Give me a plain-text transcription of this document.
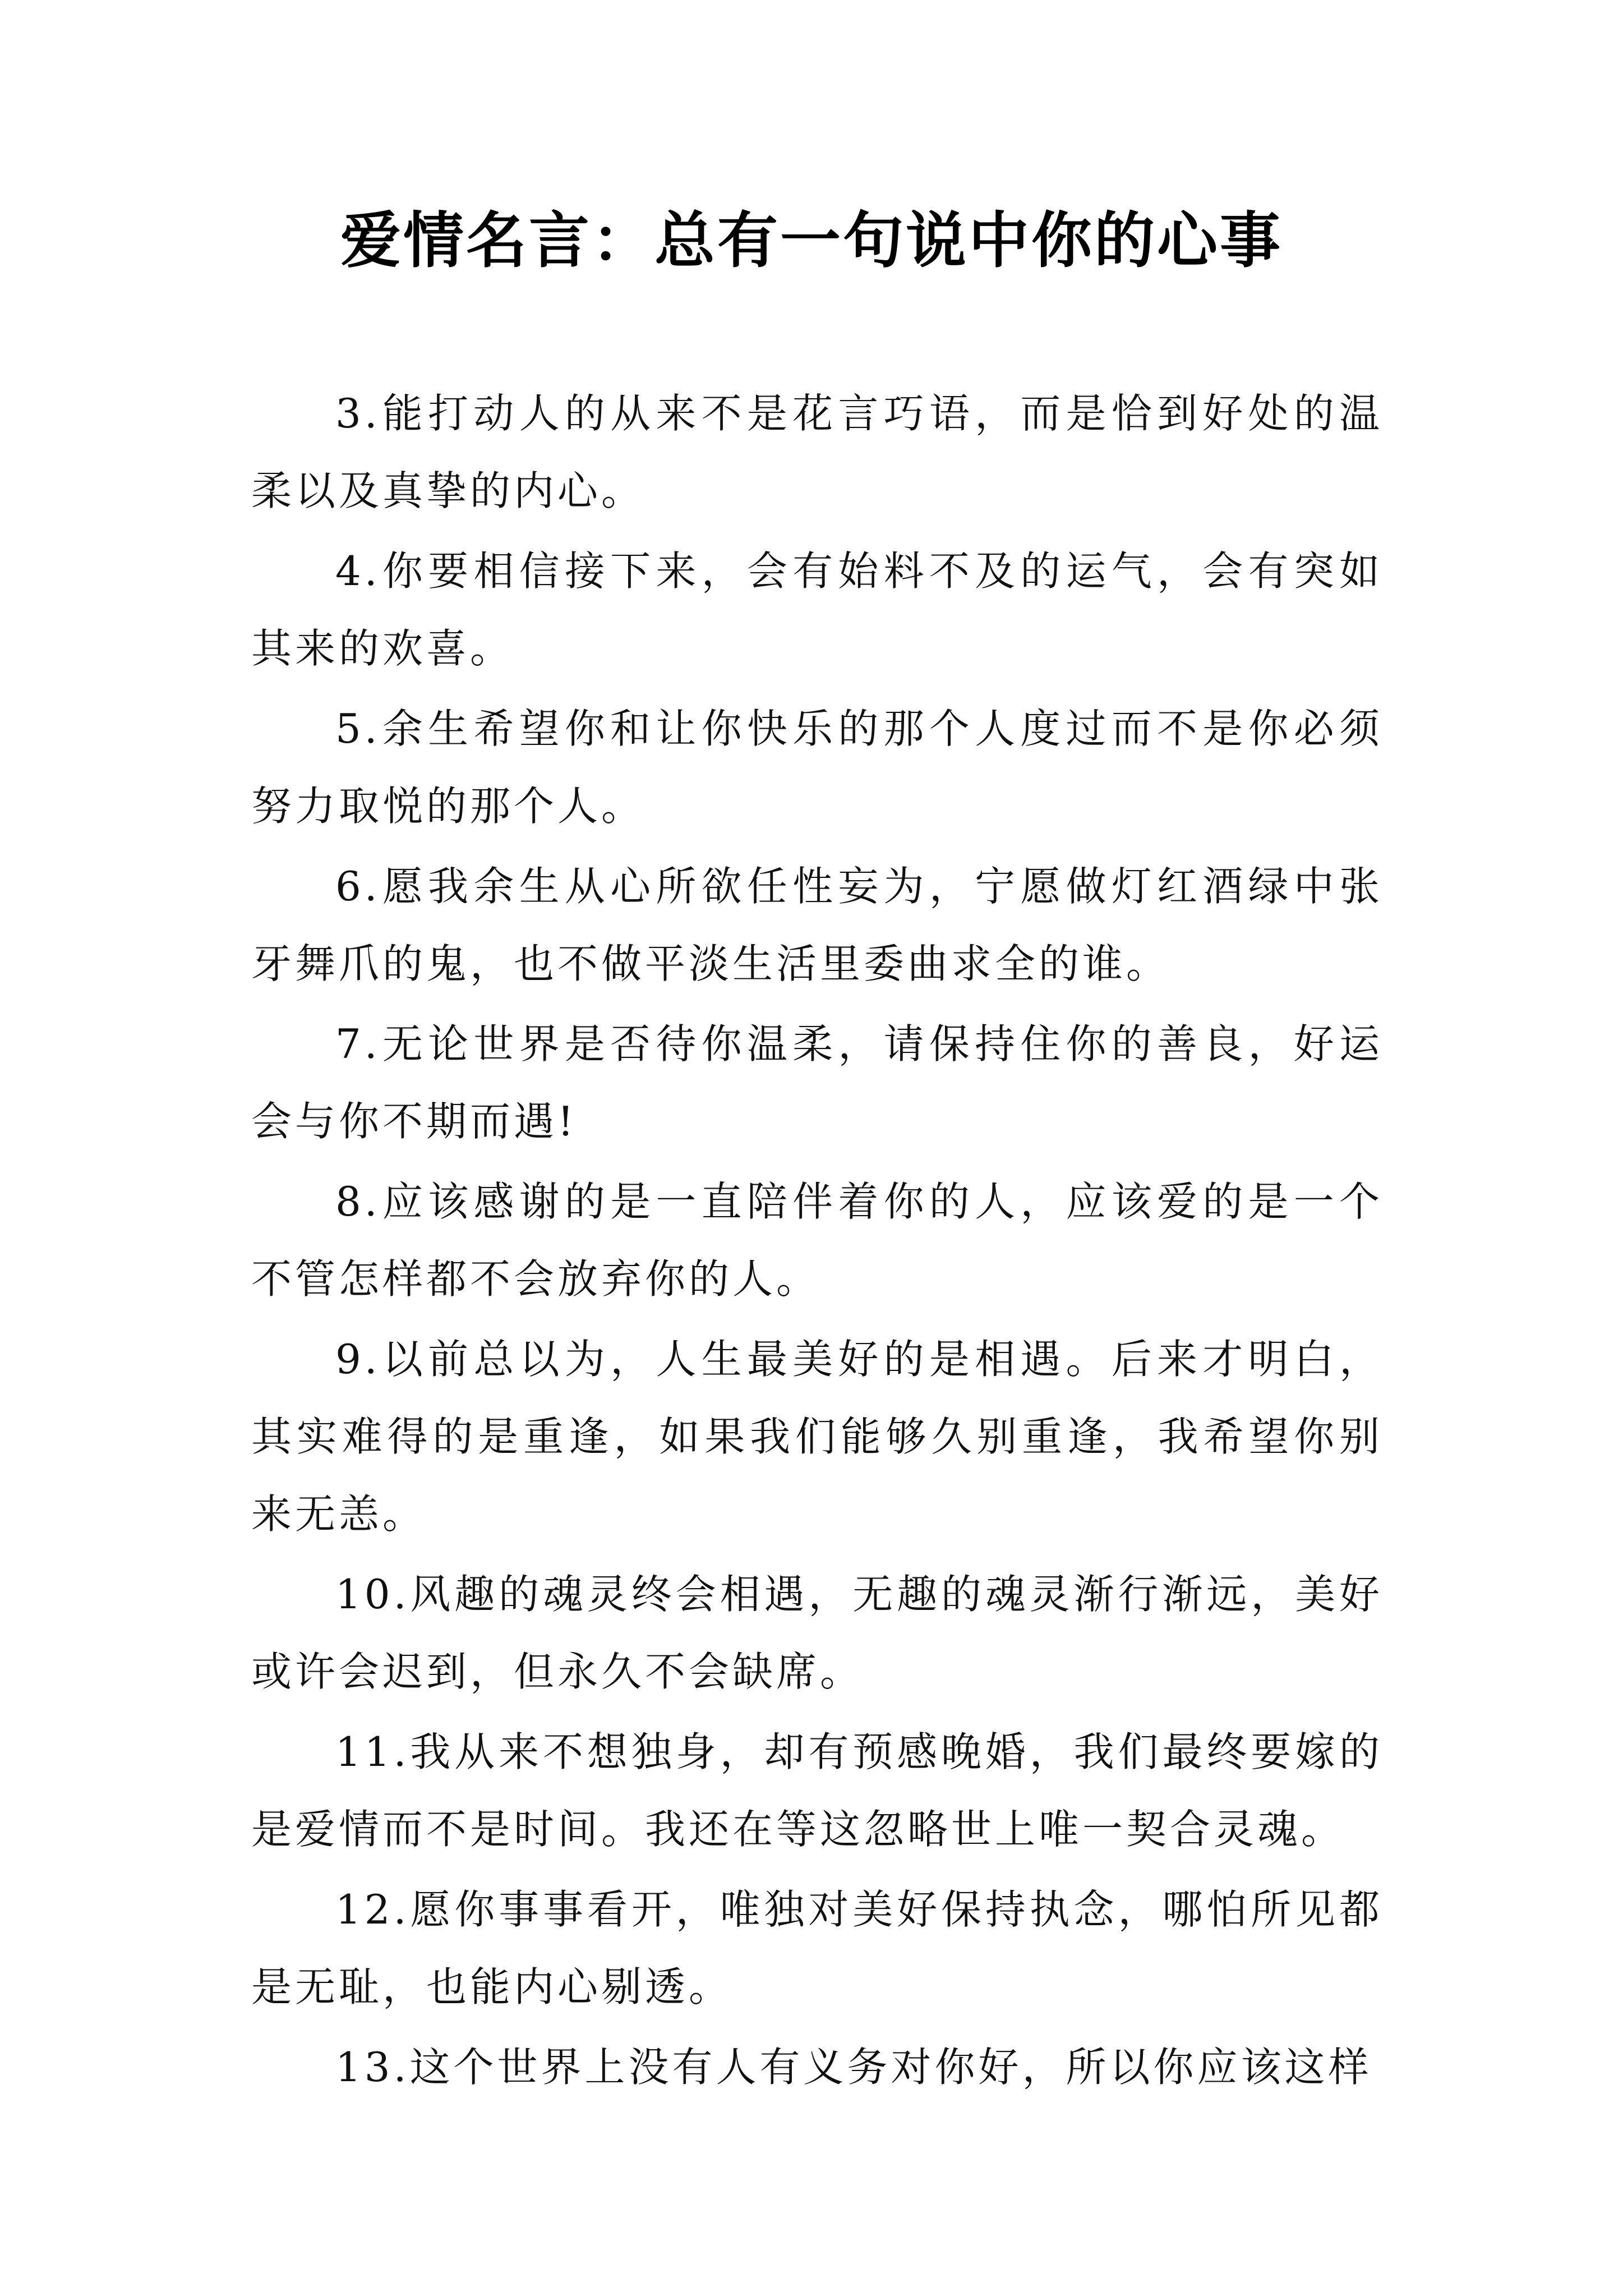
爱情名言：总有一句说中你的心事

3.能打动人的从来不是花言巧语，而是恰到好处的温柔以及真挚的内心。

4.你要相信接下来，会有始料不及的运气，会有突如其来的欢喜。

5.余生希望你和让你快乐的那个人度过而不是你必须努力取悦的那个人。

6.愿我余生从心所欲任性妄为，宁愿做灯红酒绿中张牙舞爪的鬼，也不做平淡生活里委曲求全的谁。

7.无论世界是否待你温柔，请保持住你的善良，好运会与你不期而遇!

8.应该感谢的是一直陪伴着你的人，应该爱的是一个不管怎样都不会放弃你的人。

9.以前总以为，人生最美好的是相遇。后来才明白，其实难得的是重逢，如果我们能够久别重逢，我希望你别来无恙。

10.风趣的魂灵终会相遇，无趣的魂灵渐行渐远，美好或许会迟到，但永久不会缺席。

11.我从来不想独身，却有预感晚婚，我们最终要嫁的是爱情而不是时间。我还在等这忽略世上唯一契合灵魂。

12.愿你事事看开，唯独对美好保持执念，哪怕所见都是无耻，也能内心剔透。

13.这个世界上没有人有义务对你好，所以你应该这样
